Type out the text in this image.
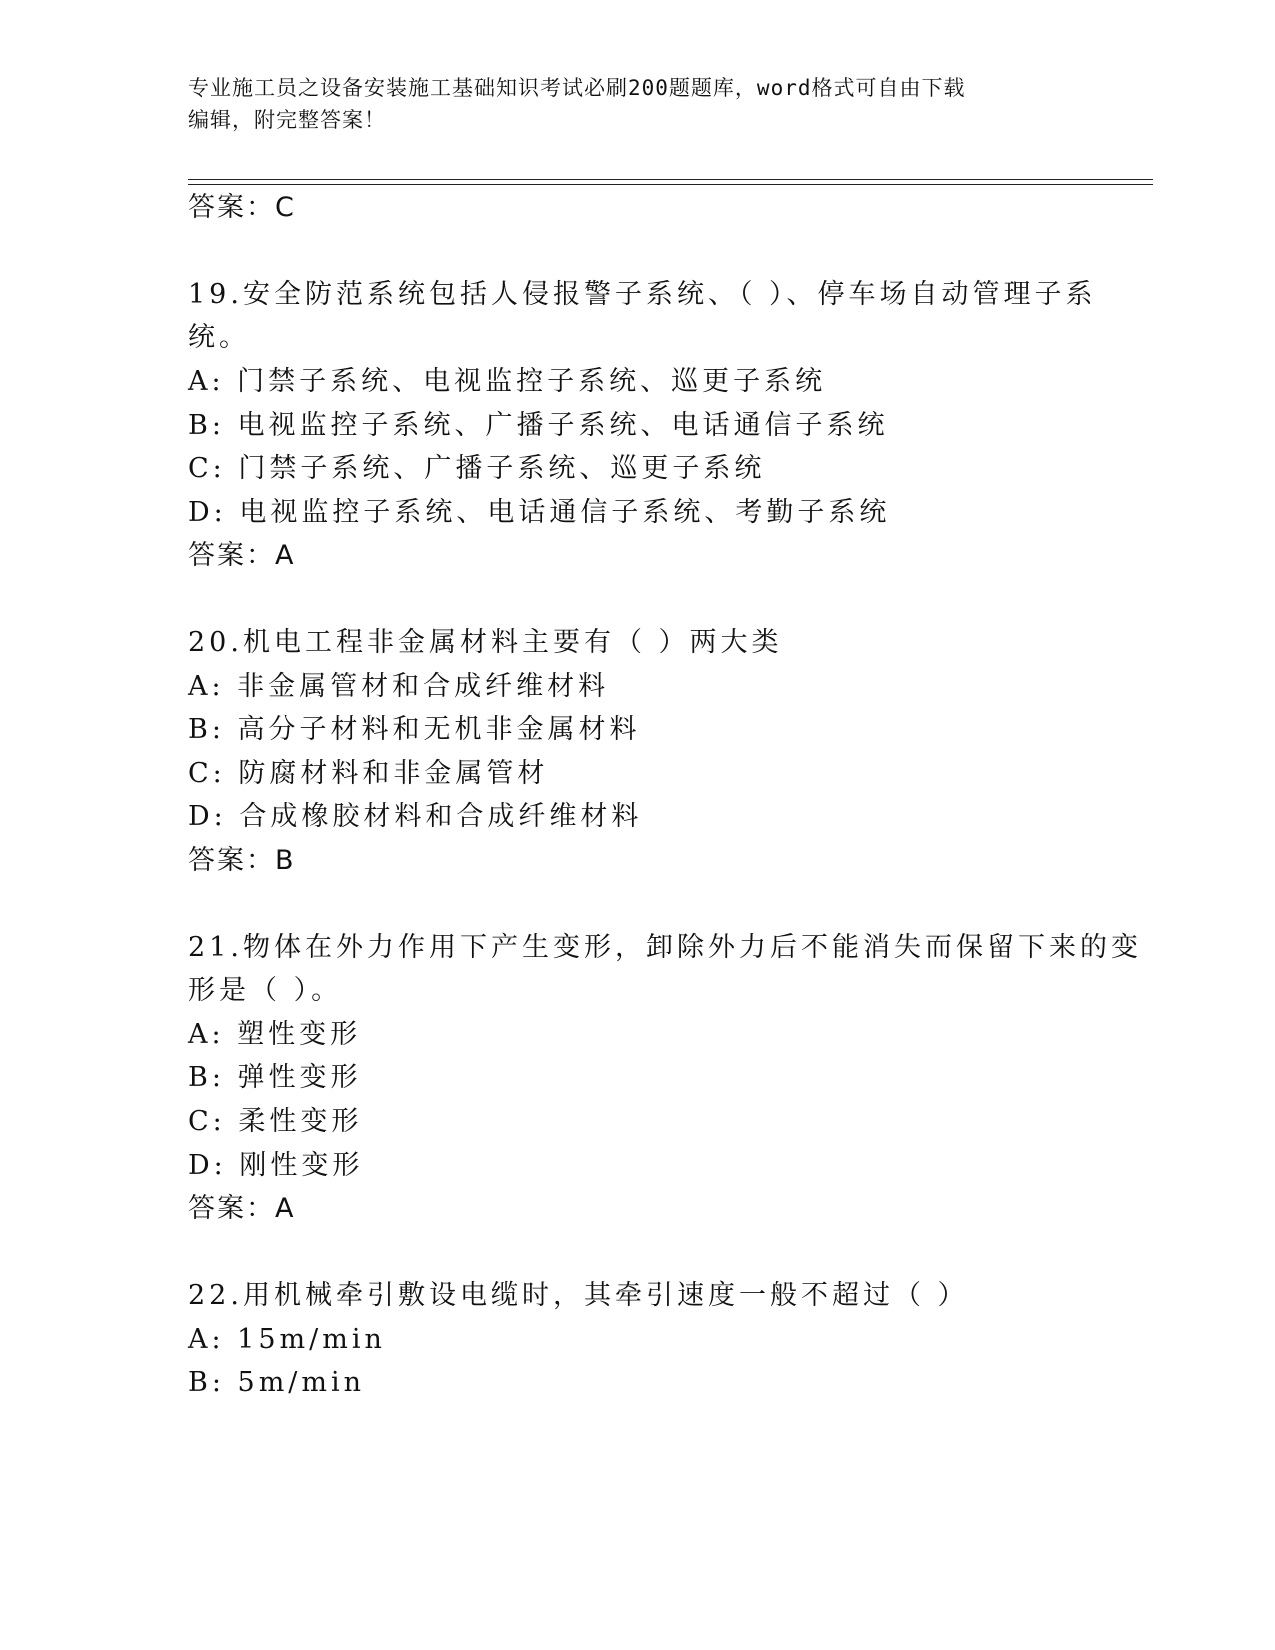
专业施工员之设备安装施工基础知识考试必刷200题题库，word格式可自由下载
编辑，附完整答案！
答案：C
19.安全防范系统包括人侵报警子系统、（ ）、停车场自动管理子系
统。
A: 门禁子系统、电视监控子系统、巡更子系统
B: 电视监控子系统、广播子系统、电话通信子系统
C: 门禁子系统、广播子系统、巡更子系统
D: 电视监控子系统、电话通信子系统、考勤子系统
答案：A
20.机电工程非金属材料主要有（ ）两大类
A: 非金属管材和合成纤维材料
B: 高分子材料和无机非金属材料
C: 防腐材料和非金属管材
D: 合成橡胶材料和合成纤维材料
答案：B
21.物体在外力作用下产生变形，卸除外力后不能消失而保留下来的变
形是（ ）。
A: 塑性变形
B: 弹性变形
C: 柔性变形
D: 刚性变形
答案：A
22.用机械牵引敷设电缆时，其牵引速度一般不超过（ ）
A: 15m/min
B: 5m/min
